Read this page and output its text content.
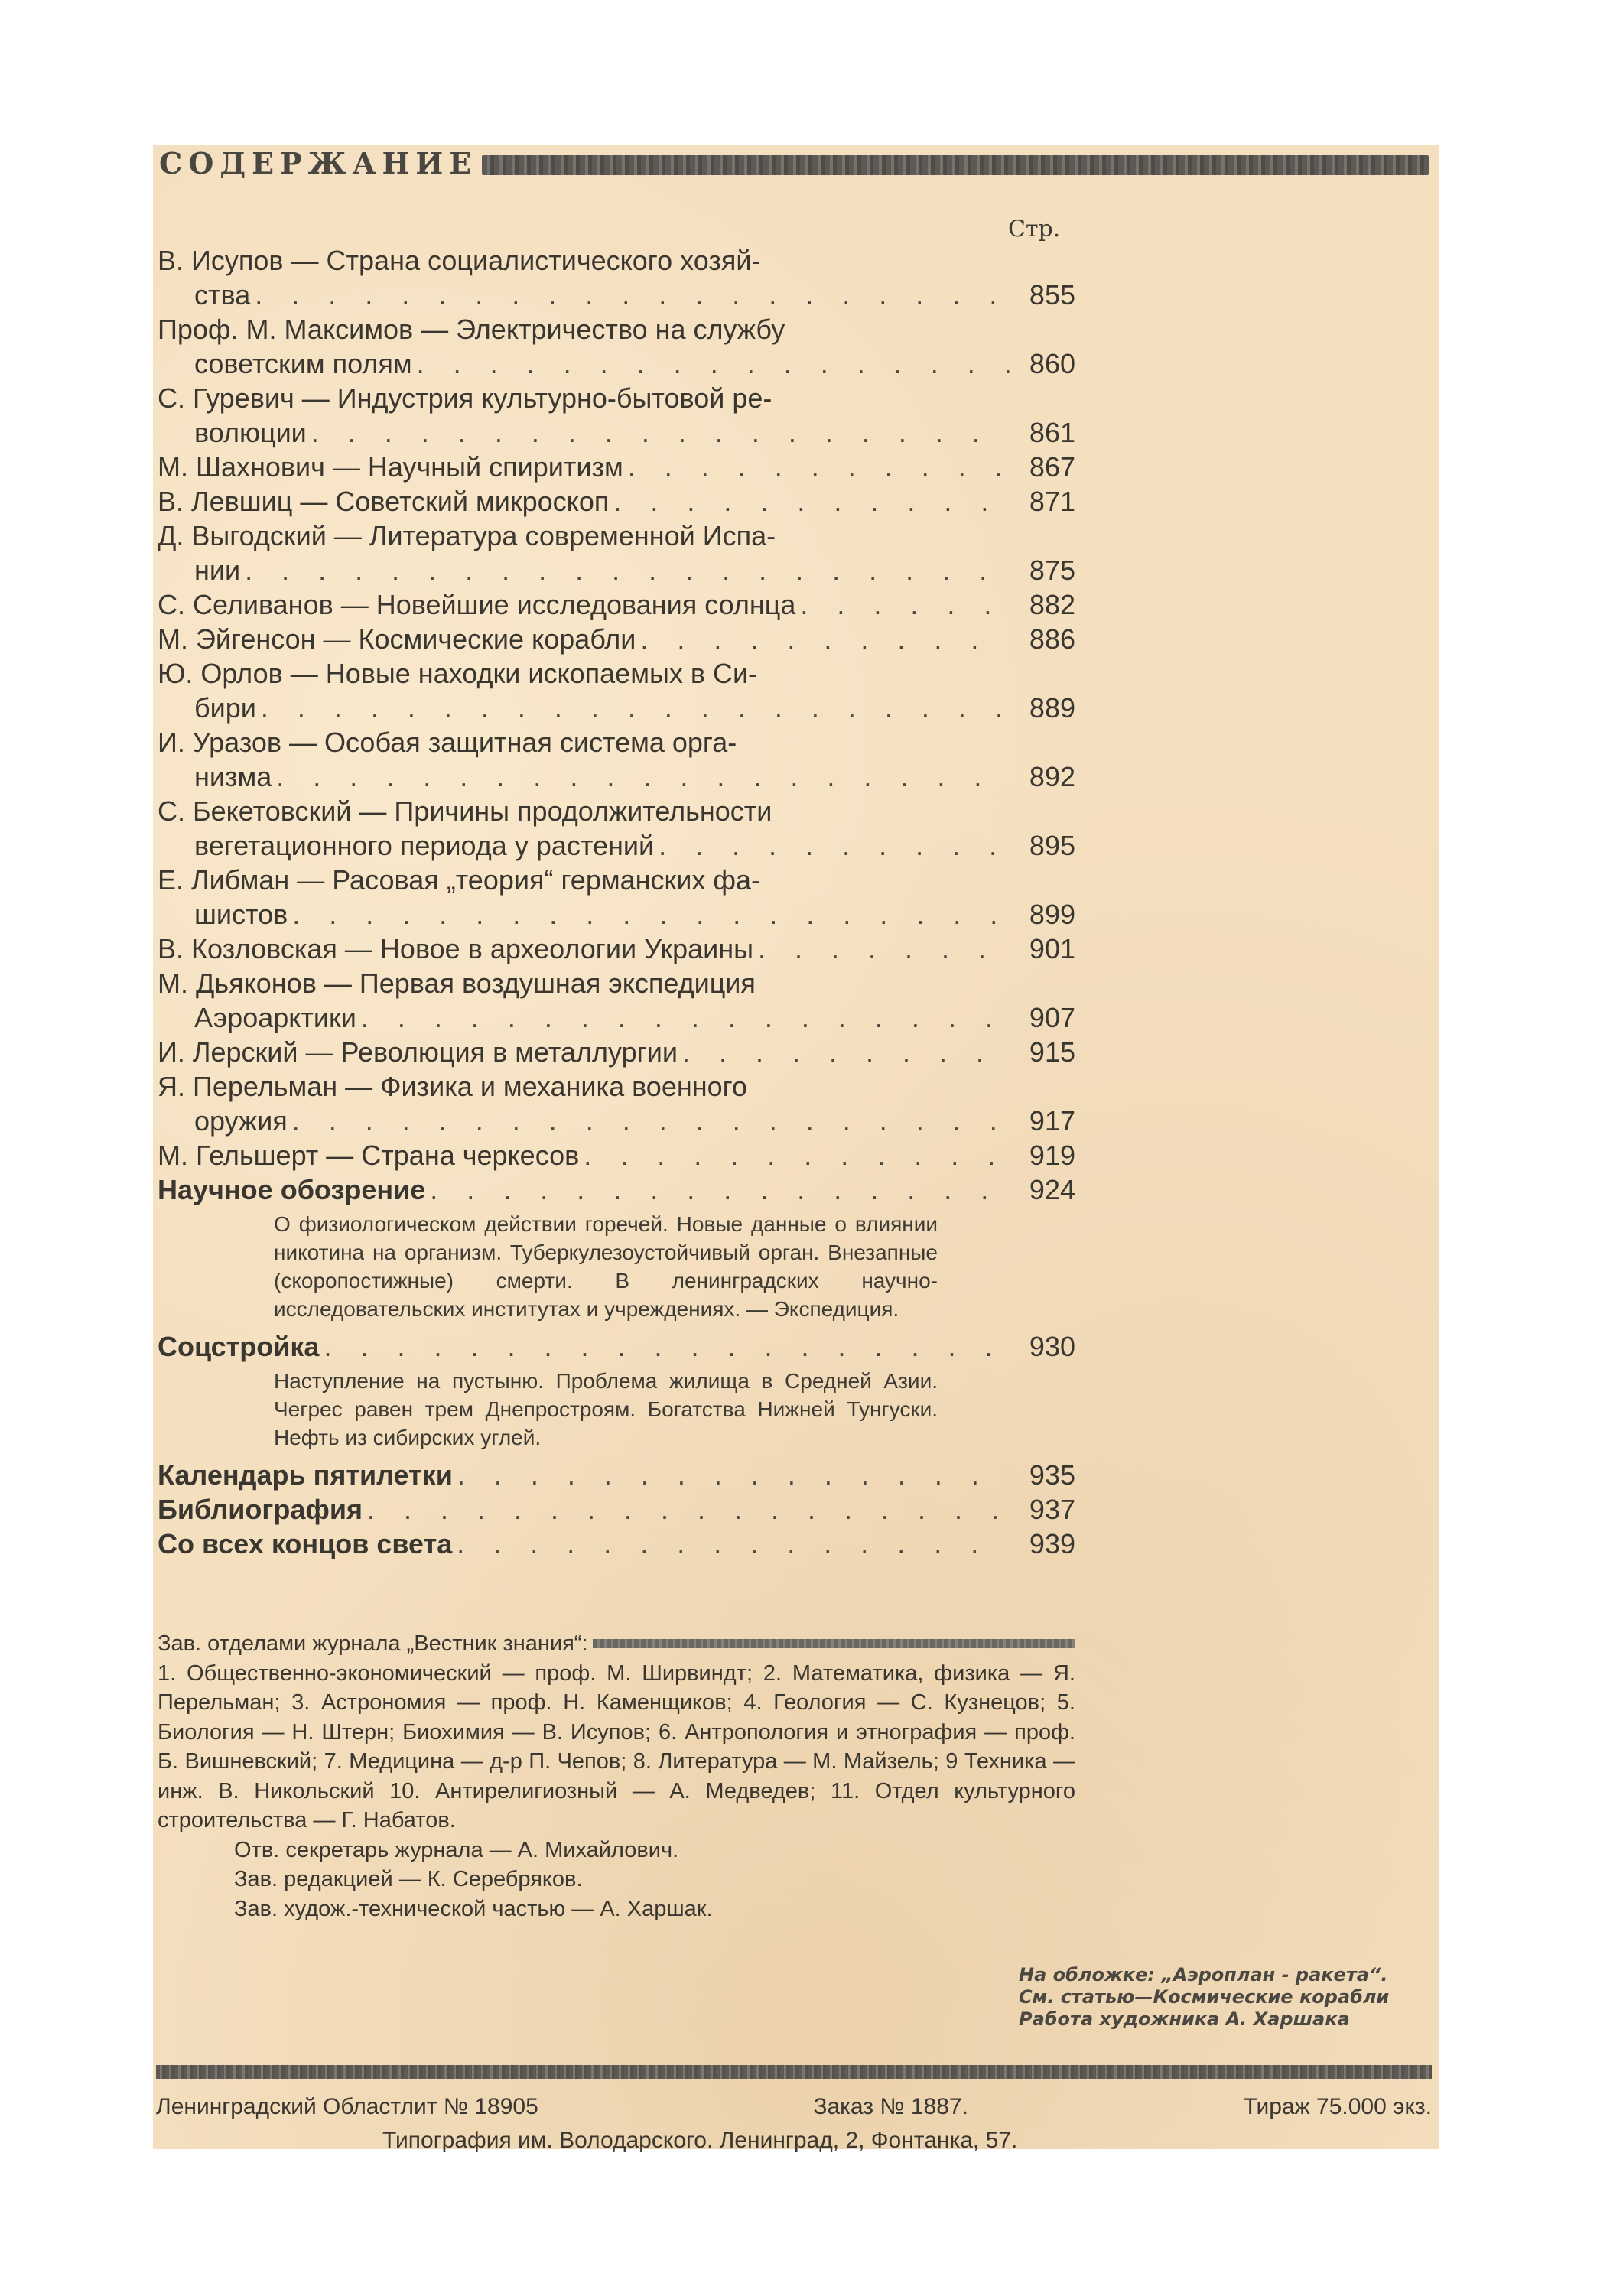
СОДЕРЖАНИЕ
Стр.
В. Исупов — Страна социалистического хозяй-
ства . . .	855
Проф. М. Максимов — Электричество на службу
советским полям . . .	860
С. Гуревич — Индустрия культурно-бытовой ре-
волюции . . .	861
М. Шахнович — Научный спиритизм . . .	867
В. Левшиц — Советский микроскоп . . .	871
Д. Выгодский — Литература современной Испа-
нии . . .	875
С. Селиванов — Новейшие исследования солнца . . .	882
М. Эйгенсон — Космические корабли . . .	886
Ю. Орлов — Новые находки ископаемых в Си-
бири . . .	889
И. Уразов — Особая защитная система орга-
низма . . .	892
С. Бекетовский — Причины продолжительности
вегетационного периода у растений . . .	895
Е. Либман — Расовая „теория“ германских фа-
шистов . . .	899
В. Козловская — Новое в археологии Украины . . .	901
М. Дьяконов — Первая воздушная экспедиция
Аэроарктики . . .	907
И. Лерский — Революция в металлургии . . .	915
Я. Перельман — Физика и механика военного
оружия . . .	917
М. Гельшерт — Страна черкесов . . .	919
Научное обозрение . . .	924
О физиологическом действии горечей. Новые данные о влиянии никотина на организм. Туберкулезоустойчивый орган. Внезапные (скоропостижные) смерти. В ленинградских научно-исследовательских институтах и учреждениях. — Экспедиция.
Соцстройка . . .	930
Наступление на пустыню. Проблема жилища в Средней Азии. Чегрес равен трем Днепростроям. Богатства Нижней Тунгуски. Нефть из сибирских углей.
Календарь пятилетки . . .	935
Библиография . . .	937
Со всех концов света . . .	939
Зав. отделами журнала „Вестник знания“:
1. Общественно-экономический — проф. М. Ширвиндт; 2. Математика, физика — Я. Перельман; 3. Астрономия — проф. Н. Каменщиков; 4. Геология — С. Кузнецов; 5. Биология — Н. Штерн; Биохимия — В. Исупов; 6. Антропология и этнография — проф. Б. Вишневский; 7. Медицина — д-р П. Чепов; 8. Литература — М. Майзель; 9 Техника — инж. В. Никольский 10. Антирелигиозный — А. Медведев; 11. Отдел культурного строительства — Г. Набатов.
Отв. секретарь журнала — А. Михайлович.
Зав. редакцией — К. Серебряков.
Зав. худож.-технической частью — А. Харшак.
На обложке: „Аэроплан - ракета“.
См. статью—Космические корабли
Работа художника А. Харшака
Ленинградский Областлит № 18905	Заказ № 1887.	Тираж 75.000 экз.
Типография им. Володарского. Ленинград, 2, Фонтанка, 57.
